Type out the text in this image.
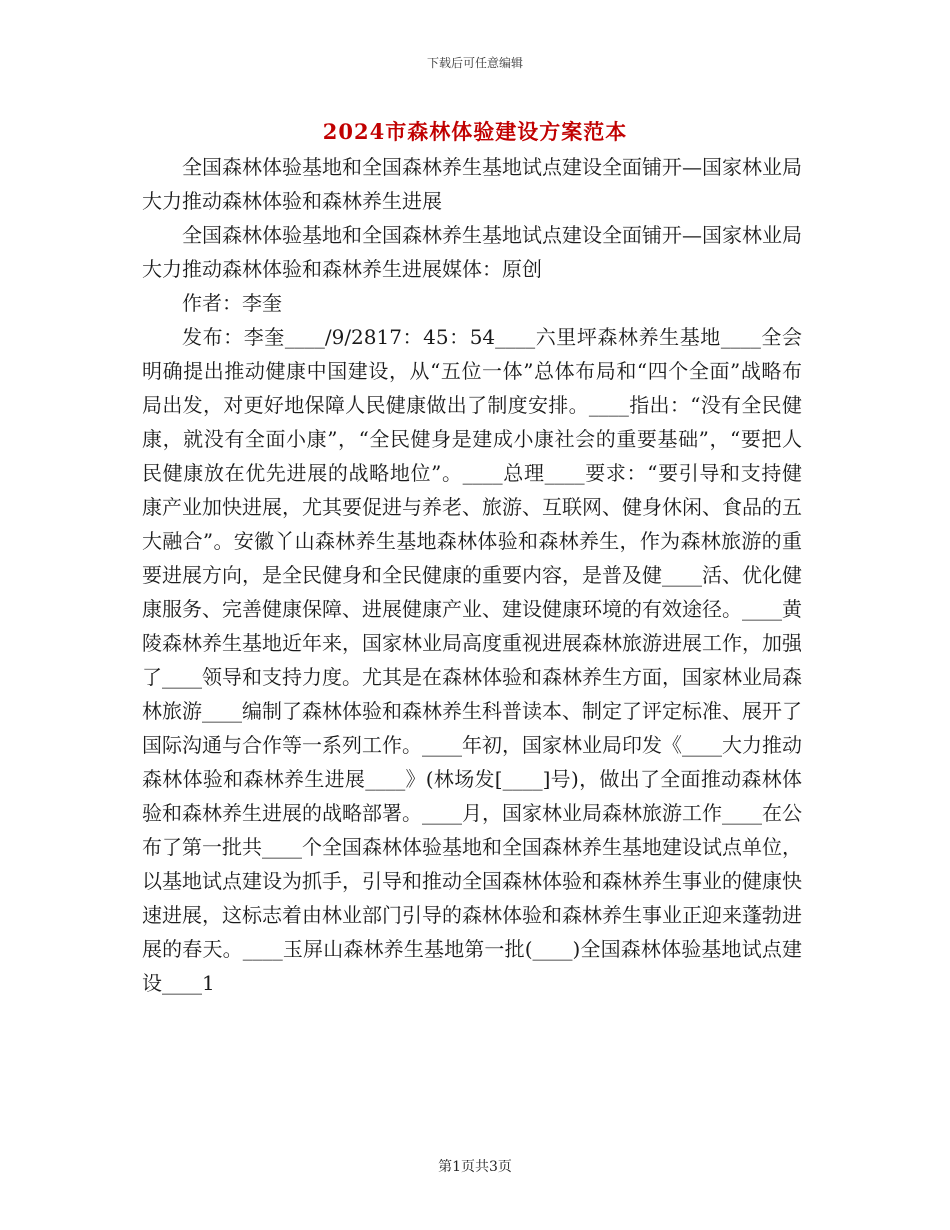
下载后可任意编辑
2024市森林体验建设方案范本

全国森林体验基地和全国森林养生基地试点建设全面铺开—国家林业局大力推动森林体验和森林养生进展

全国森林体验基地和全国森林养生基地试点建设全面铺开—国家林业局大力推动森林体验和森林养生进展媒体：原创

作者：李奎

发布：李奎____/9/2817：45：54____六里坪森林养生基地____全会明确提出推动健康中国建设，从“五位一体”总体布局和“四个全面”战略布局出发，对更好地保障人民健康做出了制度安排。____指出：“没有全民健康，就没有全面小康”，“全民健身是建成小康社会的重要基础”，“要把人民健康放在优先进展的战略地位”。____总理____要求：“要引导和支持健康产业加快进展，尤其要促进与养老、旅游、互联网、健身休闲、食品的五大融合”。安徽丫山森林养生基地森林体验和森林养生，作为森林旅游的重要进展方向，是全民健身和全民健康的重要内容，是普及健____活、优化健康服务、完善健康保障、进展健康产业、建设健康环境的有效途径。____黄陵森林养生基地近年来，国家林业局高度重视进展森林旅游进展工作，加强了____领导和支持力度。尤其是在森林体验和森林养生方面，国家林业局森林旅游____编制了森林体验和森林养生科普读本、制定了评定标准、展开了国际沟通与合作等一系列工作。____年初，国家林业局印发《____大力推动森林体验和森林养生进展____》(林场发[____]号)，做出了全面推动森林体验和森林养生进展的战略部署。____月，国家林业局森林旅游工作____在公布了第一批共____个全国森林体验基地和全国森林养生基地建设试点单位，以基地试点建设为抓手，引导和推动全国森林体验和森林养生事业的健康快速进展，这标志着由林业部门引导的森林体验和森林养生事业正迎来蓬勃进展的春天。____玉屏山森林养生基地第一批(____)全国森林体验基地试点建设____1

第1页共3页
